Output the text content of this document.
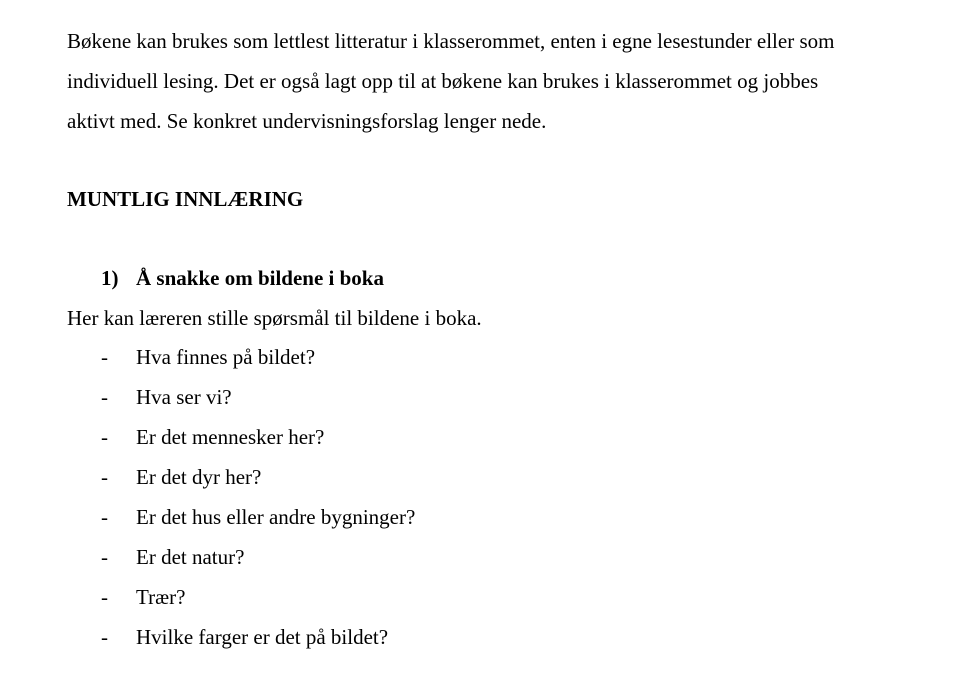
Bøkene kan brukes som lettlest litteratur i klasserommet, enten i egne lesestunder eller som
individuell lesing. Det er også lagt opp til at bøkene kan brukes i klasserommet og jobbes
aktivt med. Se konkret undervisningsforslag lenger nede.

MUNTLIG INNLÆRING
1) Å snakke om bildene i boka

Her kan læreren stille spørsmål til bildene i boka.

- Hva finnes på bildet?
- Hva ser vi?
- Er det mennesker her?
- Er det dyr her?
- Er det hus eller andre bygninger?
- Er det natur?
- Trær?
- Hvilke farger er det på bildet?
